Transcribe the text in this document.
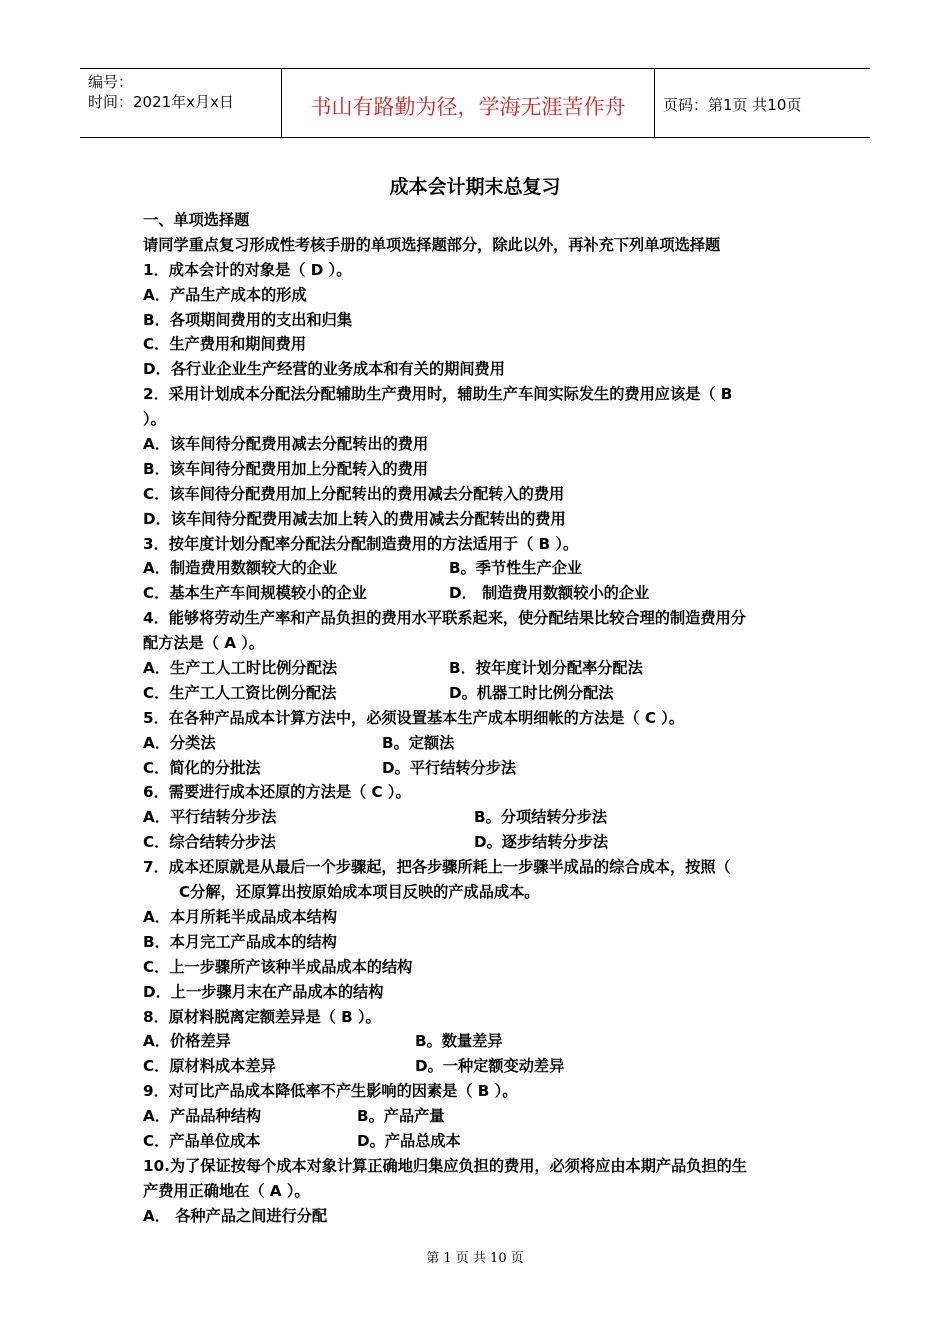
编号：
时间：2021年x月x日	书山有路勤为径，学海无涯苦作舟	页码：第1页 共10页
成本会计期末总复习
一、单项选择题
请同学重点复习形成性考核手册的单项选择题部分，除此以外，再补充下列单项选择题
1．成本会计的对象是（ D ）。
A．产品生产成本的形成
B．各项期间费用的支出和归集
C．生产费用和期间费用
D．各行业企业生产经营的业务成本和有关的期间费用
2．采用计划成本分配法分配辅助生产费用时，辅助生产车间实际发生的费用应该是（ B
）。
A．该车间待分配费用减去分配转出的费用
B．该车间待分配费用加上分配转入的费用
C．该车间待分配费用加上分配转出的费用减去分配转入的费用
D．该车间待分配费用减去加上转入的费用减去分配转出的费用
3．按年度计划分配率分配法分配制造费用的方法适用于（ B ）。
A．制造费用数额较大的企业	B。季节性生产企业
C．基本生产车间规模较小的企业	D． 制造费用数额较小的企业
4．能够将劳动生产率和产品负担的费用水平联系起来，使分配结果比较合理的制造费用分
配方法是（ A ）。
A．生产工人工时比例分配法	B．按年度计划分配率分配法
C．生产工人工资比例分配法	D。机器工时比例分配法
5．在各种产品成本计算方法中，必须设置基本生产成本明细帐的方法是（ C ）。
A．分类法	B。定额法
C．简化的分批法	D。平行结转分步法
6．需要进行成本还原的方法是（ C ）。
A．平行结转分步法	B。分项结转分步法
C．综合结转分步法	D。逐步结转分步法
7．成本还原就是从最后一个步骤起，把各步骤所耗上一步骤半成品的综合成本，按照（
C分解，还原算出按原始成本项目反映的产成品成本。
A．本月所耗半成品成本结构
B．本月完工产品成本的结构
C．上一步骤所产该种半成品成本的结构
D．上一步骤月末在产品成本的结构
8．原材料脱离定额差异是（ B ）。
A．价格差异	B。数量差异
C．原材料成本差异	D。一种定额变动差异
9．对可比产品成本降低率不产生影响的因素是（ B ）。
A．产品品种结构	B。产品产量
C．产品单位成本	D。产品总成本
10.为了保证按每个成本对象计算正确地归集应负担的费用，必须将应由本期产品负担的生
产费用正确地在（ A ）。
A． 各种产品之间进行分配
第 1 页 共 10 页
